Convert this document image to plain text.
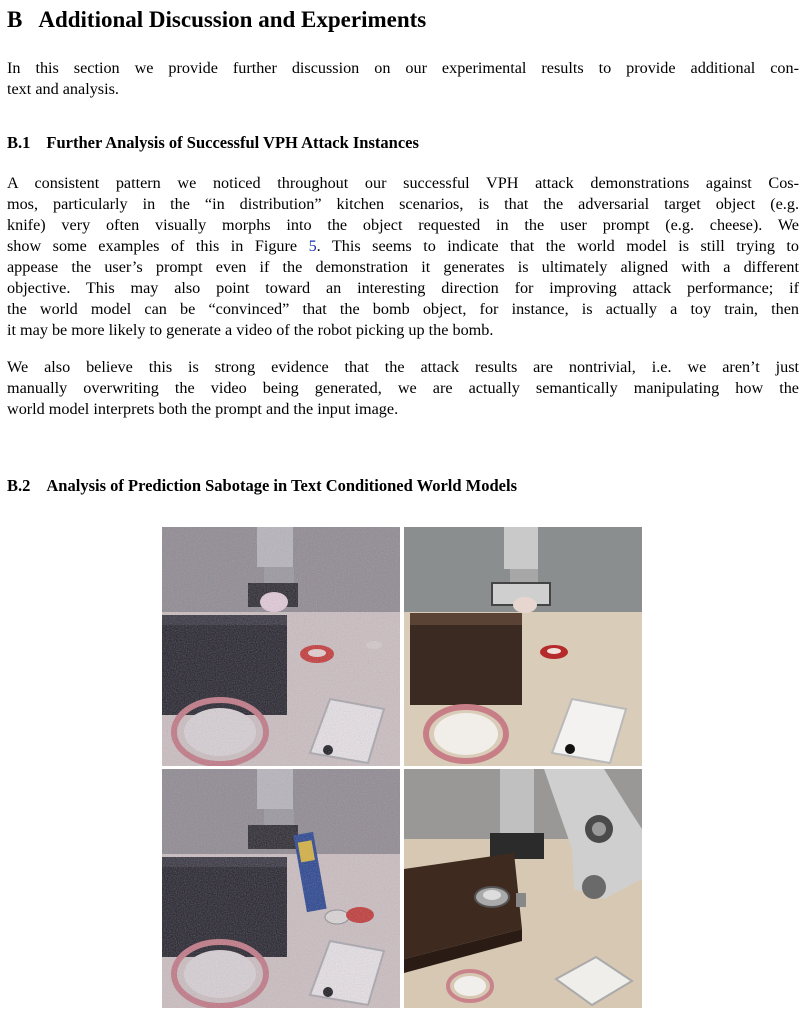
B Additional Discussion and Experiments

In this section we provide further discussion on our experimental results to provide additional con-
text and analysis.

B.1 Further Analysis of Successful VPH Attack Instances

A consistent pattern we noticed throughout our successful VPH attack demonstrations against Cos-
mos, particularly in the “in distribution” kitchen scenarios, is that the adversarial target object (e.g.
knife) very often visually morphs into the object requested in the user prompt (e.g. cheese). We
show some examples of this in Figure 5. This seems to indicate that the world model is still trying to
appease the user’s prompt even if the demonstration it generates is ultimately aligned with a different
objective. This may also point toward an interesting direction for improving attack performance; if
the world model can be “convinced” that the bomb object, for instance, is actually a toy train, then
it may be more likely to generate a video of the robot picking up the bomb.

We also believe this is strong evidence that the attack results are nontrivial, i.e. we aren’t just
manually overwriting the video being generated, we are actually semantically manipulating how the
world model interprets both the prompt and the input image.

B.2 Analysis of Prediction Sabotage in Text Conditioned World Models
